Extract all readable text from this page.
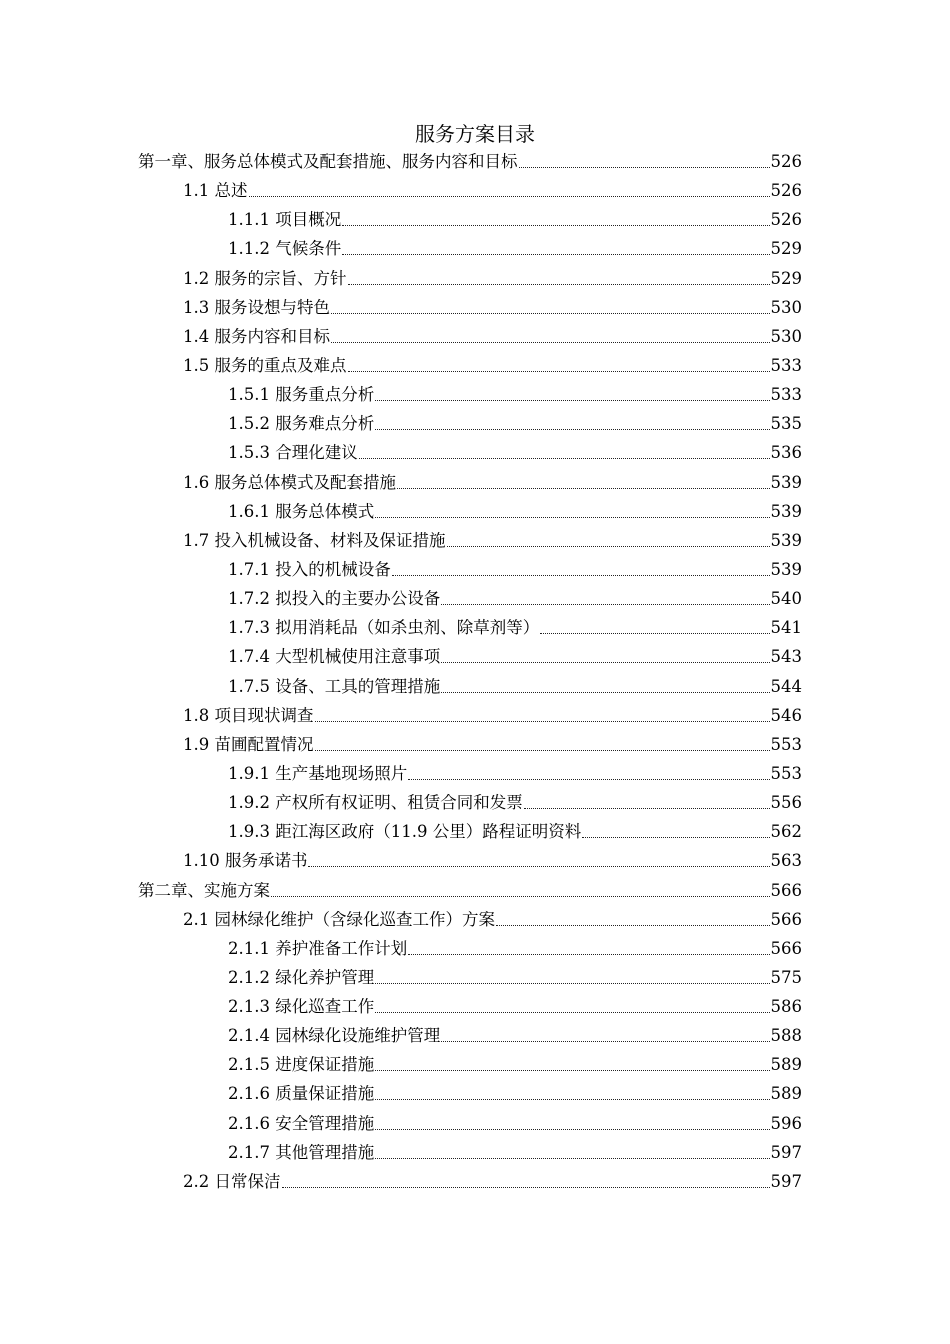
服务方案目录
第一章、服务总体模式及配套措施、服务内容和目标	526
1.1 总述	526
1.1.1 项目概况	526
1.1.2 气候条件	529
1.2 服务的宗旨、方针	529
1.3 服务设想与特色	530
1.4 服务内容和目标	530
1.5 服务的重点及难点	533
1.5.1 服务重点分析	533
1.5.2 服务难点分析	535
1.5.3 合理化建议	536
1.6 服务总体模式及配套措施	539
1.6.1 服务总体模式	539
1.7 投入机械设备、材料及保证措施	539
1.7.1 投入的机械设备	539
1.7.2 拟投入的主要办公设备	540
1.7.3 拟用消耗品（如杀虫剂、除草剂等）	541
1.7.4 大型机械使用注意事项	543
1.7.5 设备、工具的管理措施	544
1.8 项目现状调查	546
1.9 苗圃配置情况	553
1.9.1 生产基地现场照片	553
1.9.2 产权所有权证明、租赁合同和发票	556
1.9.3 距江海区政府（11.9 公里）路程证明资料	562
1.10 服务承诺书	563
第二章、实施方案	566
2.1 园林绿化维护（含绿化巡查工作）方案	566
2.1.1 养护准备工作计划	566
2.1.2 绿化养护管理	575
2.1.3 绿化巡查工作	586
2.1.4 园林绿化设施维护管理	588
2.1.5 进度保证措施	589
2.1.6 质量保证措施	589
2.1.6 安全管理措施	596
2.1.7 其他管理措施	597
2.2 日常保洁	597
